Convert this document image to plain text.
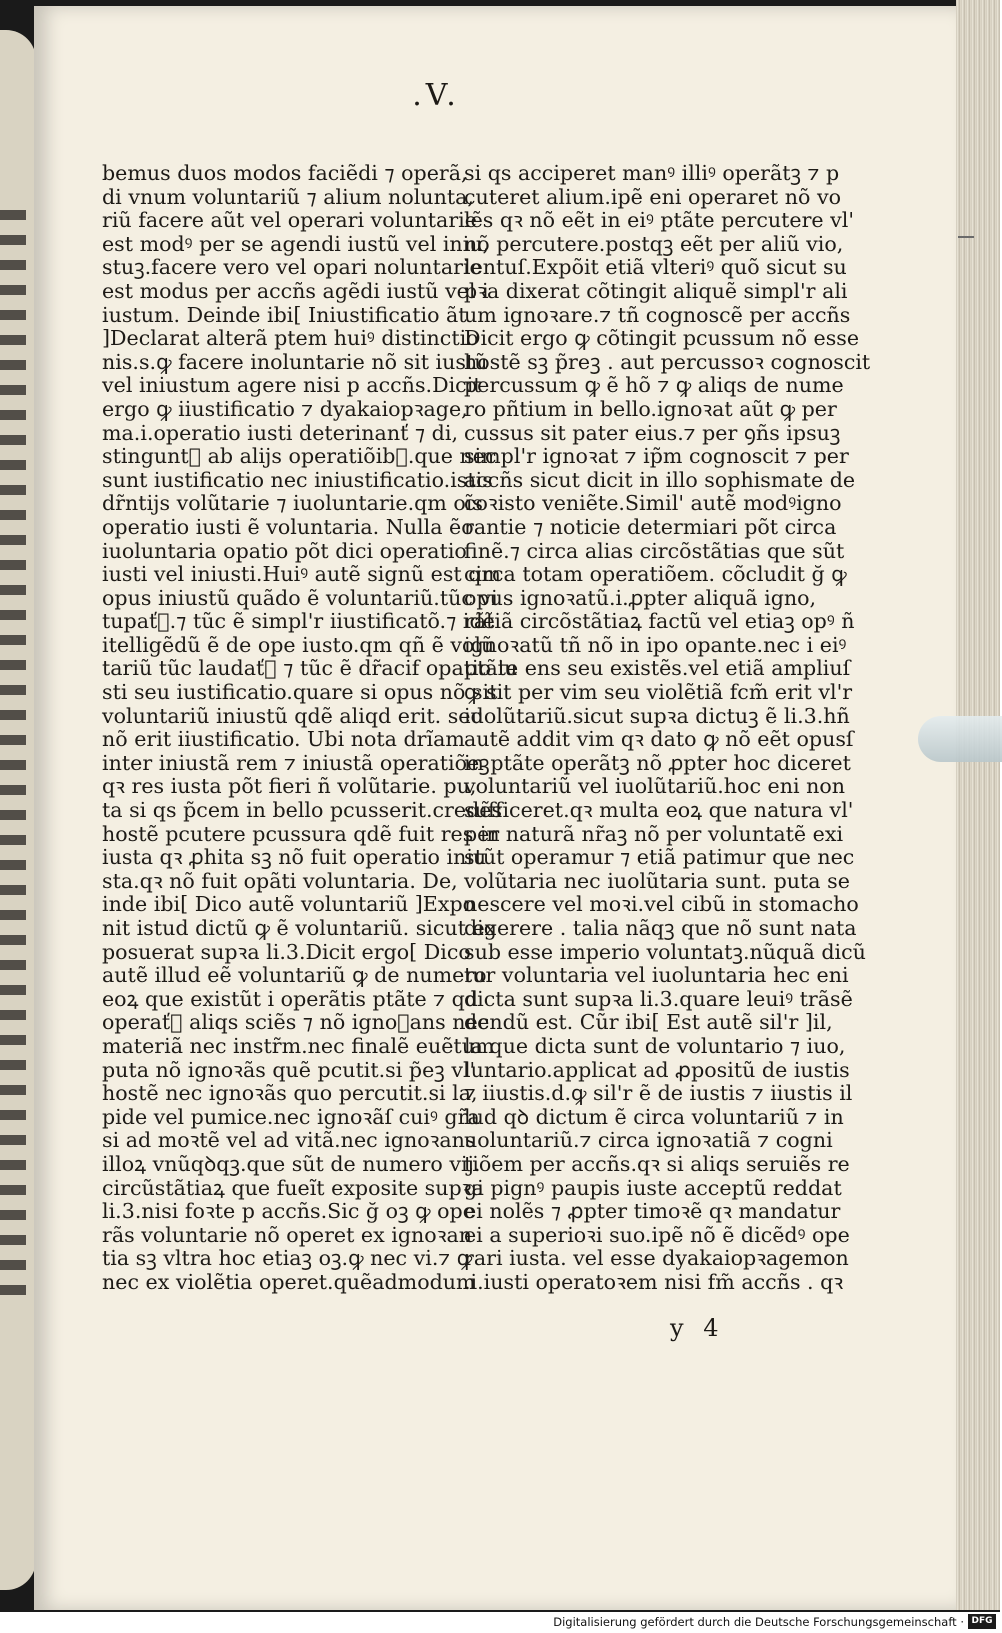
.V.
bemus duos modos faciẽdi ⁊ operã,
di vnum voluntariũ ⁊ alium nolunta,
riũ facere aũt vel operari voluntarie
est modꝰ per se agendi iustũ vel iniu,
stuꝫ.facere vero vel opari noluntarie
est modus per accñs agẽdi iustũ vel i
iustum. Deinde ibi[ Iniustificatio ãt
]Declarat alterã ptem huiꝰ distinctio
nis.s.ꝙ facere inoluntarie nõ sit iustũ
vel iniustum agere nisi p accñs.Dicit
ergo ꝙ iiustificatio ⁊ dyakaiopꝛage,
ma.i.operatio iusti deterinanť ⁊ di,
stinguntᷓ ab alijs operatiõibꝰ.que nec
sunt iustificatio nec iniustificatio.istis
dr̃ntijs volũtarie ⁊ iuoluntarie.qm oĩs
operatio iusti ẽ voluntaria. Nulla ẽo
iuoluntaria opatio põt dici operatio
iusti vel iniusti.Huiꝰ autẽ signũ est qm
opus iniustũ quãdo ẽ voluntariũ.tũc vi
tupaťᷓ.⁊ tũc ẽ simpl'r iiustificatõ.⁊ idẽ
itelligẽdũ ẽ de ope iusto.qm qñ ẽ volũ
tariũ tũc laudaťᷓ ⁊ tũc ẽ dr̃acif opatio iu
sti seu iustificatio.quare si opus nõ sit
voluntariũ iniustũ qdẽ aliqd erit. sed
nõ erit iiustificatio. Ubi nota drĩam
inter iniustã rem ⁊ iniustã operatiõeꝫ
qꝛ res iusta põt fieri ñ volũtarie. pu,
ta si qs p̃cem in bello pcusserit.credẽs
hostẽ pcutere pcussura qdẽ fuit res in
iusta qꝛ ꝓhita sꝫ nõ fuit operatio iniu
sta.qꝛ nõ fuit opãti voluntaria. De,
inde ibi[ Dico autẽ voluntariũ ]Expo
nit istud dictũ ꝙ ẽ voluntariũ. sicut ex
posuerat supꝛa li.3.Dicit ergo[ Dico
autẽ illud eẽ voluntariũ ꝙ de numero
eoꝝ que existũt i operãtis ptãte ⁊ qd
operaťᷓ aliqs sciẽs ⁊ nõ ignoꝛans nec
materiã nec instr̃m.nec finalẽ euẽtum
puta nõ ignoꝛãs quẽ pcutit.si p̃eꝫ vl'
hostẽ nec ignoꝛãs quo percutit.si la,
pide vel pumice.nec ignoꝛãſ cuiꝰ gr̃a
si ad moꝛtẽ vel ad vitã.nec ignoꝛans
illoꝝ vnũqꝺqꝫ.que sũt de numero vij.
circũstãtiaꝝ que fueĩt exposite supꝛa
li.3.nisi foꝛte p accñs.Sic ğ oꝫ ꝙ ope
rãs voluntarie nõ operet ex ignoꝛan
tia sꝫ vltra hoc etiaꝫ oꝫ.ꝙ nec vi.⁊ ꝙ
nec ex violẽtia operet.quẽadmodum
si qs acciperet manꝰ illiꝰ operãtꝫ ⁊ p
cuteret alium.ipẽ eni operaret nõ vo
lẽs qꝛ nõ eẽt in eiꝰ ptãte percutere vl'
nõ percutere.postqꝫ eẽt per aliũ vio,
lentuſ.Expõit etiã vlteriꝰ quõ sicut su
pꝛa dixerat cõtingit aliquẽ simpl'r ali
um ignoꝛare.⁊ tñ cognoscẽ per accñs
Dicit ergo ꝙ cõtingit pcussum nõ esse
hostẽ sꝫ p̃reꝫ . aut percussoꝛ cognoscit
percussum ꝙ ẽ hõ ⁊ ꝙ aliqs de nume
ro pñtium in bello.ignoꝛat aũt ꝙ per
cussus sit pater eius.⁊ per ꝯñs ipsuꝫ
simpl'r ignoꝛat ⁊ ip̃m cognoscit ⁊ per
accñs sicut dicit in illo sophismate de
coꝛisto veniẽte.Simil' autẽ modꝰigno
rantie ⁊ noticie determiari põt circa
finẽ.⁊ circa alias circõstãtias que sũt
circa totam operatiõem. cõcludit ğ ꝙ
opus ignoꝛatũ.i.ꝓpter aliquã igno,
rãtiã circõstãtiaꝝ factũ vel etiaꝫ opꝰ ñ
ignoꝛatũ tñ nõ in ipo opante.nec i eiꝰ
ptãte ens seu existẽs.vel etiã ampliuſ
ꝙ sit per vim seu violẽtiã fcm̃ erit vl'r
iuolũtariũ.sicut supꝛa dictuꝫ ẽ li.3.hñ
autẽ addit vim qꝛ dato ꝙ nõ eẽt opusſ
in ptãte operãtꝫ nõ ꝓpter hoc diceret
voluntariũ vel iuolũtariũ.hoc eni non
sufficeret.qꝛ multa eoꝝ que natura vl'
per naturã nr̃aꝫ nõ per voluntatẽ exi
stũt operamur ⁊ etiã patimur que nec
volũtaria nec iuolũtaria sunt. puta se
nescere vel moꝛi.vel cibũ in stomacho
digerere . talia nãqꝫ que nõ sunt nata
sub esse imperio voluntatꝫ.nũquã dicũ
tur voluntaria vel iuoluntaria hec eni
dicta sunt supꝛa li.3.quare leuiꝰ trãsẽ
dendũ est. Cũr ibi[ Est autẽ sil'r ]il,
la que dicta sunt de voluntario ⁊ iuo,
luntario.applicat ad ꝓpositũ de iustis
⁊ iiustis.d.ꝙ sil'r ẽ de iustis ⁊ iiustis il
lud qꝺ dictum ẽ circa voluntariũ ⁊ in
uoluntariũ.⁊ circa ignoꝛatiã ⁊ cogni
tiõem per accñs.qꝛ si aliqs seruiẽs re
gi pignꝰ paupis iuste acceptũ reddat
ei nolẽs ⁊ ꝓpter timoꝛẽ qꝛ mandatur
ei a superioꝛi suo.ipẽ nõ ẽ dicẽdꝰ ope
rari iusta. vel esse dyakaiopꝛagemon
.i.iusti operatoꝛem nisi fm̃ accñs . qꝛ
y 4
Digitalisierung gefördert durch die Deutsche Forschungsgemeinschaft · DFG
